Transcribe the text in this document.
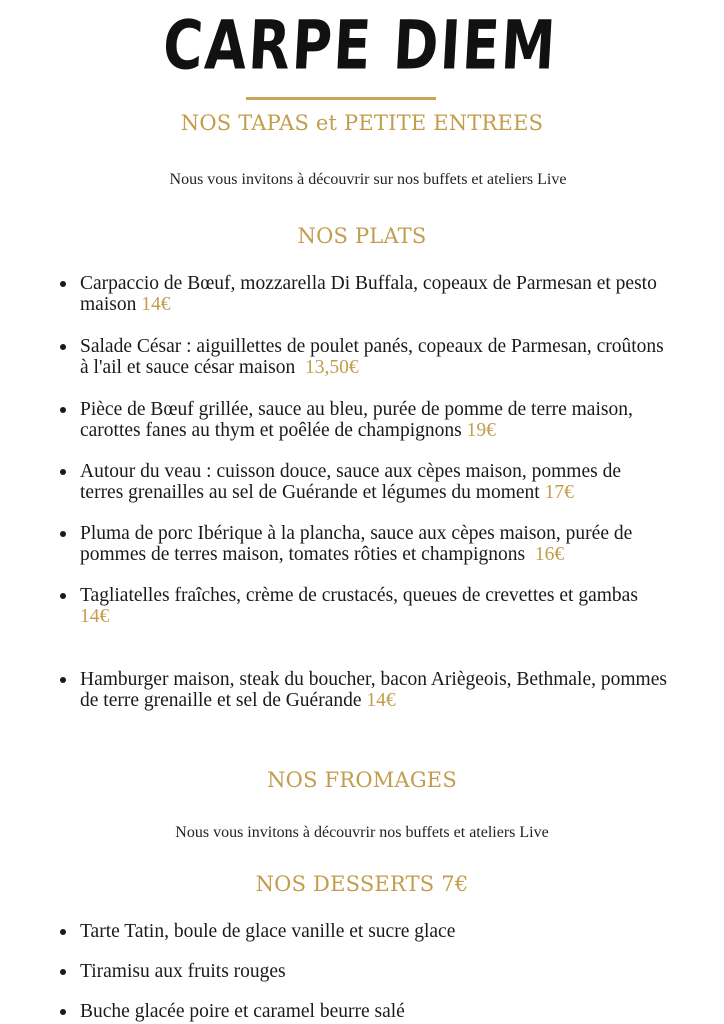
CARPE DIEM
NOS TAPAS et PETITE ENTREES
Nous vous invitons à découvrir sur nos buffets et ateliers Live
NOS PLATS
Carpaccio de Bœuf, mozzarella Di Buffala, copeaux de Parmesan et pesto maison 14€
Salade César : aiguillettes de poulet panés, copeaux de Parmesan, croûtons à l'ail et sauce césar maison 13,50€
Pièce de Bœuf grillée, sauce au bleu, purée de pomme de terre maison, carottes fanes au thym et poêlée de champignons 19€
Autour du veau : cuisson douce, sauce aux cèpes maison, pommes de terres grenailles au sel de Guérande et légumes du moment 17€
Pluma de porc Ibérique à la plancha, sauce aux cèpes maison, purée de pommes de terres maison, tomates rôties et champignons 16€
Tagliatelles fraîches, crème de crustacés, queues de crevettes et gambas 14€
Hamburger maison, steak du boucher, bacon Ariègeois, Bethmale, pommes de terre grenaille et sel de Guérande 14€
NOS FROMAGES
Nous vous invitons à découvrir nos buffets et ateliers Live
NOS DESSERTS 7€
Tarte Tatin, boule de glace vanille et sucre glace
Tiramisu aux fruits rouges
Buche glacée poire et caramel beurre salé
